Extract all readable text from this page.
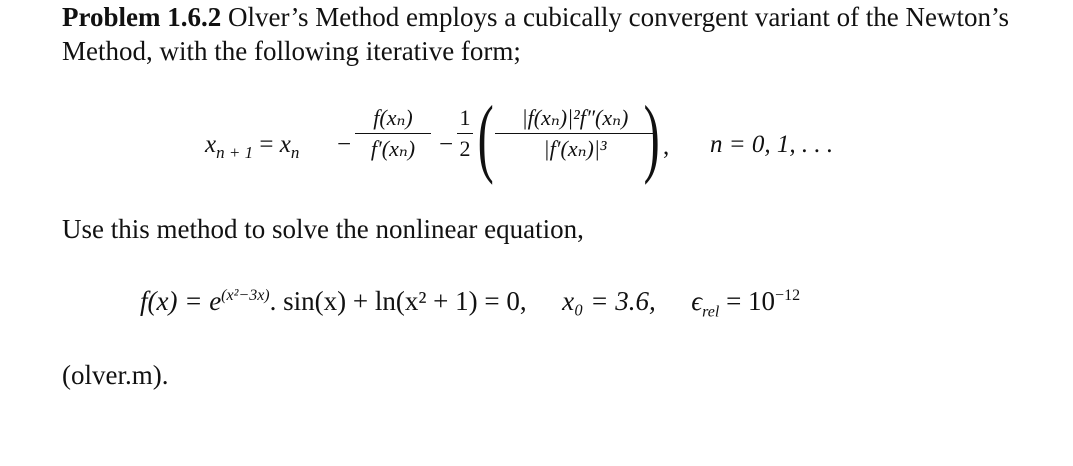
Problem 1.6.2 Olver’s Method employs a cubically convergent variant of the Newton’s Method, with the following iterative form;
$x_{n + 1} = x_n$ −
f(xₙ)
f′(xₙ) −
1
2 (	|f(xₙ)|²f″(xₙ)
|f′(xₙ)|³ ) , n = 0, 1, . . .
Use this method to solve the nonlinear equation,
$f(x) = e^{(x^2-3x)}$. sin(x) + ln(x² + 1) = 0, x₀ = 3.6, $\epsilon_{rel} = 10^{-12}$
(olver.m).
